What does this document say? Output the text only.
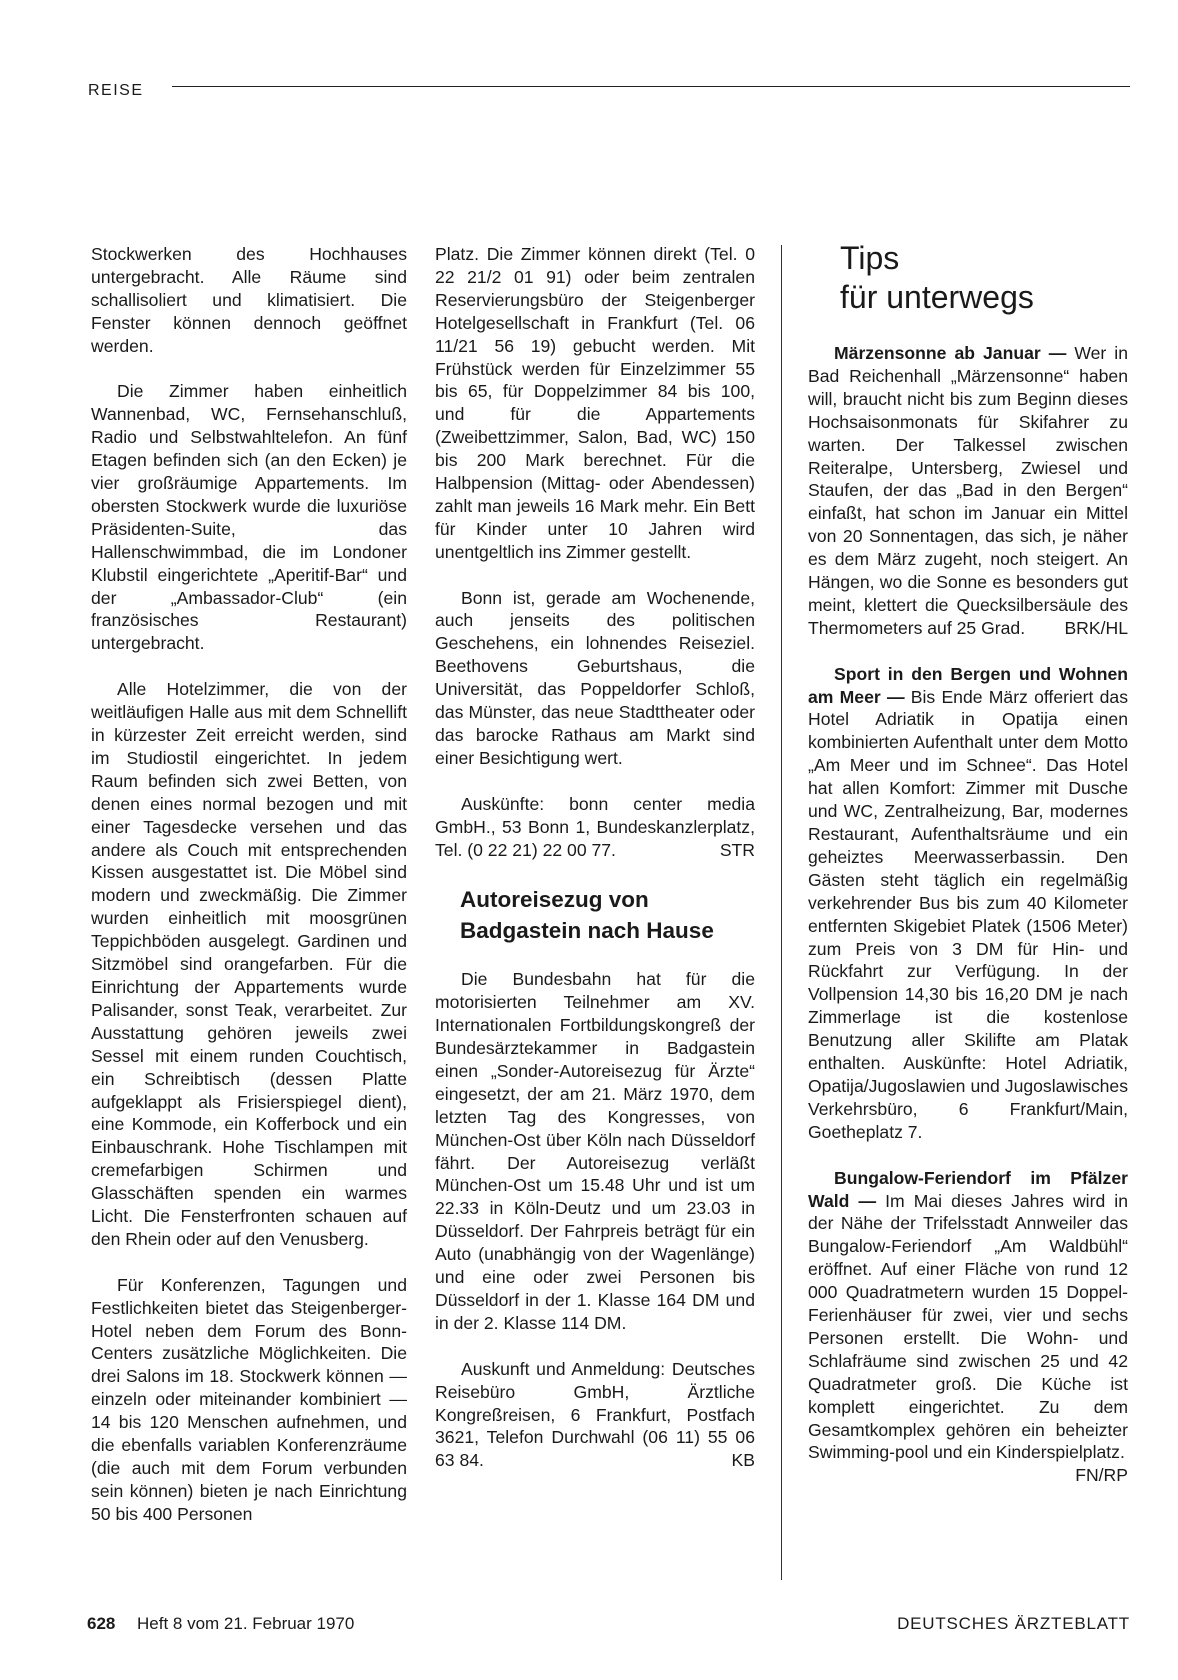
REISE

Stockwerken des Hochhauses untergebracht. Alle Räume sind schallisoliert und klimatisiert. Die Fenster können dennoch geöffnet werden.

Die Zimmer haben einheitlich Wannenbad, WC, Fernsehanschluß, Radio und Selbstwahltelefon. An fünf Etagen befinden sich (an den Ecken) je vier großräumige Appartements. Im obersten Stockwerk wurde die luxuriöse Präsidenten-Suite, das Hallenschwimmbad, die im Londoner Klubstil eingerichtete „Aperitif-Bar“ und der „Ambassador-Club“ (ein französisches Restaurant) untergebracht.

Alle Hotelzimmer, die von der weitläufigen Halle aus mit dem Schnellift in kürzester Zeit erreicht werden, sind im Studiostil eingerichtet. In jedem Raum befinden sich zwei Betten, von denen eines normal bezogen und mit einer Tagesdecke versehen und das andere als Couch mit entsprechenden Kissen ausgestattet ist. Die Möbel sind modern und zweckmäßig. Die Zimmer wurden einheitlich mit moosgrünen Teppichböden ausgelegt. Gardinen und Sitzmöbel sind orangefarben. Für die Einrichtung der Appartements wurde Palisander, sonst Teak, verarbeitet. Zur Ausstattung gehören jeweils zwei Sessel mit einem runden Couchtisch, ein Schreibtisch (dessen Platte aufgeklappt als Frisierspiegel dient), eine Kommode, ein Kofferbock und ein Einbauschrank. Hohe Tischlampen mit cremefarbigen Schirmen und Glasschäften spenden ein warmes Licht. Die Fensterfronten schauen auf den Rhein oder auf den Venusberg.

Für Konferenzen, Tagungen und Festlichkeiten bietet das Steigenberger-Hotel neben dem Forum des Bonn-Centers zusätzliche Möglichkeiten. Die drei Salons im 18. Stockwerk können — einzeln oder miteinander kombiniert — 14 bis 120 Menschen aufnehmen, und die ebenfalls variablen Konferenzräume (die auch mit dem Forum verbunden sein können) bieten je nach Einrichtung 50 bis 400 Personen

Platz. Die Zimmer können direkt (Tel. 0 22 21/2 01 91) oder beim zentralen Reservierungsbüro der Steigenberger Hotelgesellschaft in Frankfurt (Tel. 06 11/21 56 19) gebucht werden. Mit Frühstück werden für Einzelzimmer 55 bis 65, für Doppelzimmer 84 bis 100, und für die Appartements (Zweibettzimmer, Salon, Bad, WC) 150 bis 200 Mark berechnet. Für die Halbpension (Mittag- oder Abendessen) zahlt man jeweils 16 Mark mehr. Ein Bett für Kinder unter 10 Jahren wird unentgeltlich ins Zimmer gestellt.

Bonn ist, gerade am Wochenende, auch jenseits des politischen Geschehens, ein lohnendes Reiseziel. Beethovens Geburtshaus, die Universität, das Poppeldorfer Schloß, das Münster, das neue Stadttheater oder das barocke Rathaus am Markt sind einer Besichtigung wert.

Auskünfte: bonn center media GmbH., 53 Bonn 1, Bundeskanzlerplatz, Tel. (0 22 21) 22 00 77.	STR

Autoreisezug von
Badgastein nach Hause

Die Bundesbahn hat für die motorisierten Teilnehmer am XV. Internationalen Fortbildungskongreß der Bundesärztekammer in Badgastein einen „Sonder-Autoreisezug für Ärzte“ eingesetzt, der am 21. März 1970, dem letzten Tag des Kongresses, von München-Ost über Köln nach Düsseldorf fährt. Der Autoreisezug verläßt München-Ost um 15.48 Uhr und ist um 22.33 in Köln-Deutz und um 23.03 in Düsseldorf. Der Fahrpreis beträgt für ein Auto (unabhängig von der Wagenlänge) und eine oder zwei Personen bis Düsseldorf in der 1. Klasse 164 DM und in der 2. Klasse 114 DM.

Auskunft und Anmeldung: Deutsches Reisebüro GmbH, Ärztliche Kongreßreisen, 6 Frankfurt, Postfach 3621, Telefon Durchwahl (06 11) 55 06 63 84.	KB

Tips
für unterwegs

Märzensonne ab Januar — Wer in Bad Reichenhall „Märzensonne“ haben will, braucht nicht bis zum Beginn dieses Hochsaisonmonats für Skifahrer zu warten. Der Talkessel zwischen Reiteralpe, Untersberg, Zwiesel und Staufen, der das „Bad in den Bergen“ einfaßt, hat schon im Januar ein Mittel von 20 Sonnentagen, das sich, je näher es dem März zugeht, noch steigert. An Hängen, wo die Sonne es besonders gut meint, klettert die Quecksilbersäule des Thermometers auf 25 Grad.	BRK/HL

Sport in den Bergen und Wohnen am Meer — Bis Ende März offeriert das Hotel Adriatik in Opatija einen kombinierten Aufenthalt unter dem Motto „Am Meer und im Schnee“. Das Hotel hat allen Komfort: Zimmer mit Dusche und WC, Zentralheizung, Bar, modernes Restaurant, Aufenthaltsräume und ein geheiztes Meerwasserbassin. Den Gästen steht täglich ein regelmäßig verkehrender Bus bis zum 40 Kilometer entfernten Skigebiet Platek (1506 Meter) zum Preis von 3 DM für Hin- und Rückfahrt zur Verfügung. In der Vollpension 14,30 bis 16,20 DM je nach Zimmerlage ist die kostenlose Benutzung aller Skilifte am Platak enthalten. Auskünfte: Hotel Adriatik, Opatija/Jugoslawien und Jugoslawisches Verkehrsbüro, 6 Frankfurt/Main, Goetheplatz 7.

Bungalow-Feriendorf im Pfälzer Wald — Im Mai dieses Jahres wird in der Nähe der Trifelsstadt Annweiler das Bungalow-Feriendorf „Am Waldbühl“ eröffnet. Auf einer Fläche von rund 12 000 Quadratmetern wurden 15 Doppel-Ferienhäuser für zwei, vier und sechs Personen erstellt. Die Wohn- und Schlafräume sind zwischen 25 und 42 Quadratmeter groß. Die Küche ist komplett eingerichtet. Zu dem Gesamtkomplex gehören ein beheizter Swimming-pool und ein Kinderspielplatz.
FN/RP

628 Heft 8 vom 21. Februar 1970	DEUTSCHES ÄRZTEBLATT
